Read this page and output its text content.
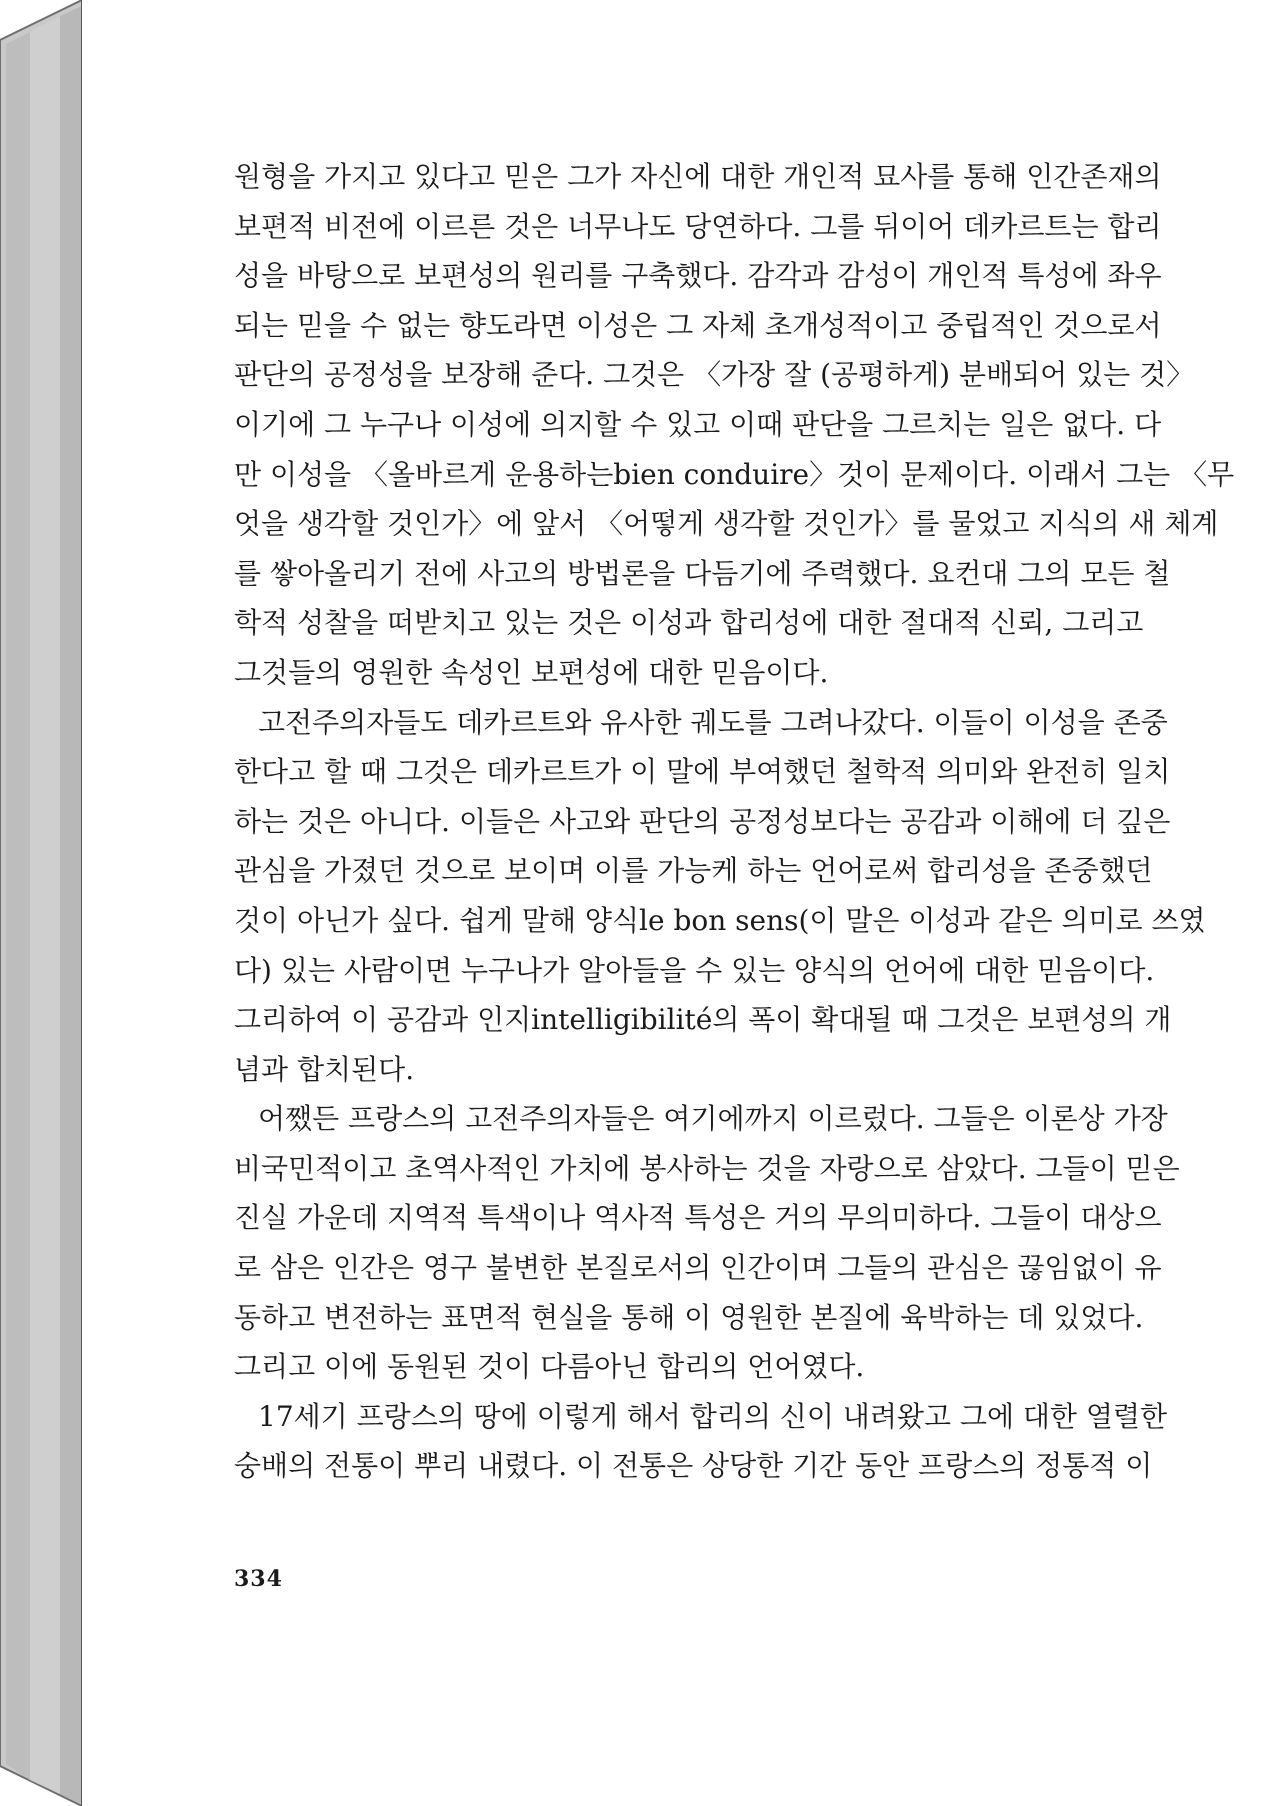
원형을 가지고 있다고 믿은 그가 자신에 대한 개인적 묘사를 통해 인간존재의
보편적 비전에 이르른 것은 너무나도 당연하다. 그를 뒤이어 데카르트는 합리
성을 바탕으로 보편성의 원리를 구축했다. 감각과 감성이 개인적 특성에 좌우
되는 믿을 수 없는 향도라면 이성은 그 자체 초개성적이고 중립적인 것으로서
판단의 공정성을 보장해 준다. 그것은 〈가장 잘 (공평하게) 분배되어 있는 것〉
이기에 그 누구나 이성에 의지할 수 있고 이때 판단을 그르치는 일은 없다. 다
만 이성을 〈올바르게 운용하는bien conduire〉것이 문제이다. 이래서 그는 〈무
엇을 생각할 것인가〉에 앞서 〈어떻게 생각할 것인가〉를 물었고 지식의 새 체계
를 쌓아올리기 전에 사고의 방법론을 다듬기에 주력했다. 요컨대 그의 모든 철
학적 성찰을 떠받치고 있는 것은 이성과 합리성에 대한 절대적 신뢰, 그리고
그것들의 영원한 속성인 보편성에 대한 믿음이다.
고전주의자들도 데카르트와 유사한 궤도를 그려나갔다. 이들이 이성을 존중
한다고 할 때 그것은 데카르트가 이 말에 부여했던 철학적 의미와 완전히 일치
하는 것은 아니다. 이들은 사고와 판단의 공정성보다는 공감과 이해에 더 깊은
관심을 가졌던 것으로 보이며 이를 가능케 하는 언어로써 합리성을 존중했던
것이 아닌가 싶다. 쉽게 말해 양식le bon sens(이 말은 이성과 같은 의미로 쓰였
다) 있는 사람이면 누구나가 알아들을 수 있는 양식의 언어에 대한 믿음이다.
그리하여 이 공감과 인지intelligibilité의 폭이 확대될 때 그것은 보편성의 개
념과 합치된다.
어쨌든 프랑스의 고전주의자들은 여기에까지 이르렀다. 그들은 이론상 가장
비국민적이고 초역사적인 가치에 봉사하는 것을 자랑으로 삼았다. 그들이 믿은
진실 가운데 지역적 특색이나 역사적 특성은 거의 무의미하다. 그들이 대상으
로 삼은 인간은 영구 불변한 본질로서의 인간이며 그들의 관심은 끊임없이 유
동하고 변전하는 표면적 현실을 통해 이 영원한 본질에 육박하는 데 있었다.
그리고 이에 동원된 것이 다름아닌 합리의 언어였다.
17세기 프랑스의 땅에 이렇게 해서 합리의 신이 내려왔고 그에 대한 열렬한
숭배의 전통이 뿌리 내렸다. 이 전통은 상당한 기간 동안 프랑스의 정통적 이
334
